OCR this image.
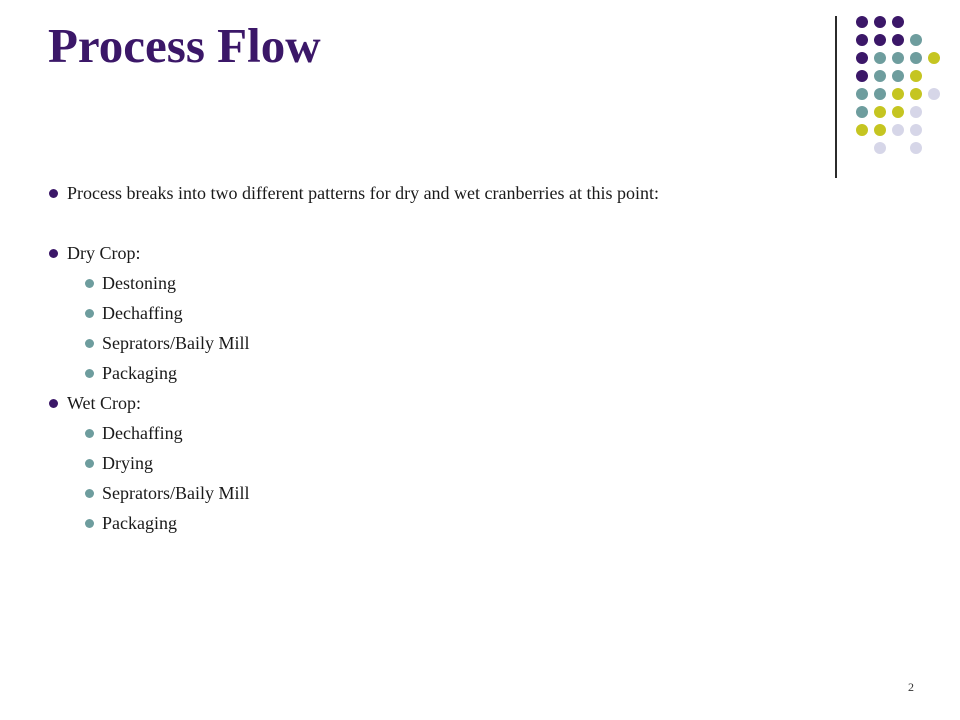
Process Flow
Process breaks into two different patterns for dry and wet cranberries at this point:
Dry Crop:
Destoning
Dechaffing
Seprators/Baily Mill
Packaging
Wet Crop:
Dechaffing
Drying
Seprators/Baily Mill
Packaging
2
